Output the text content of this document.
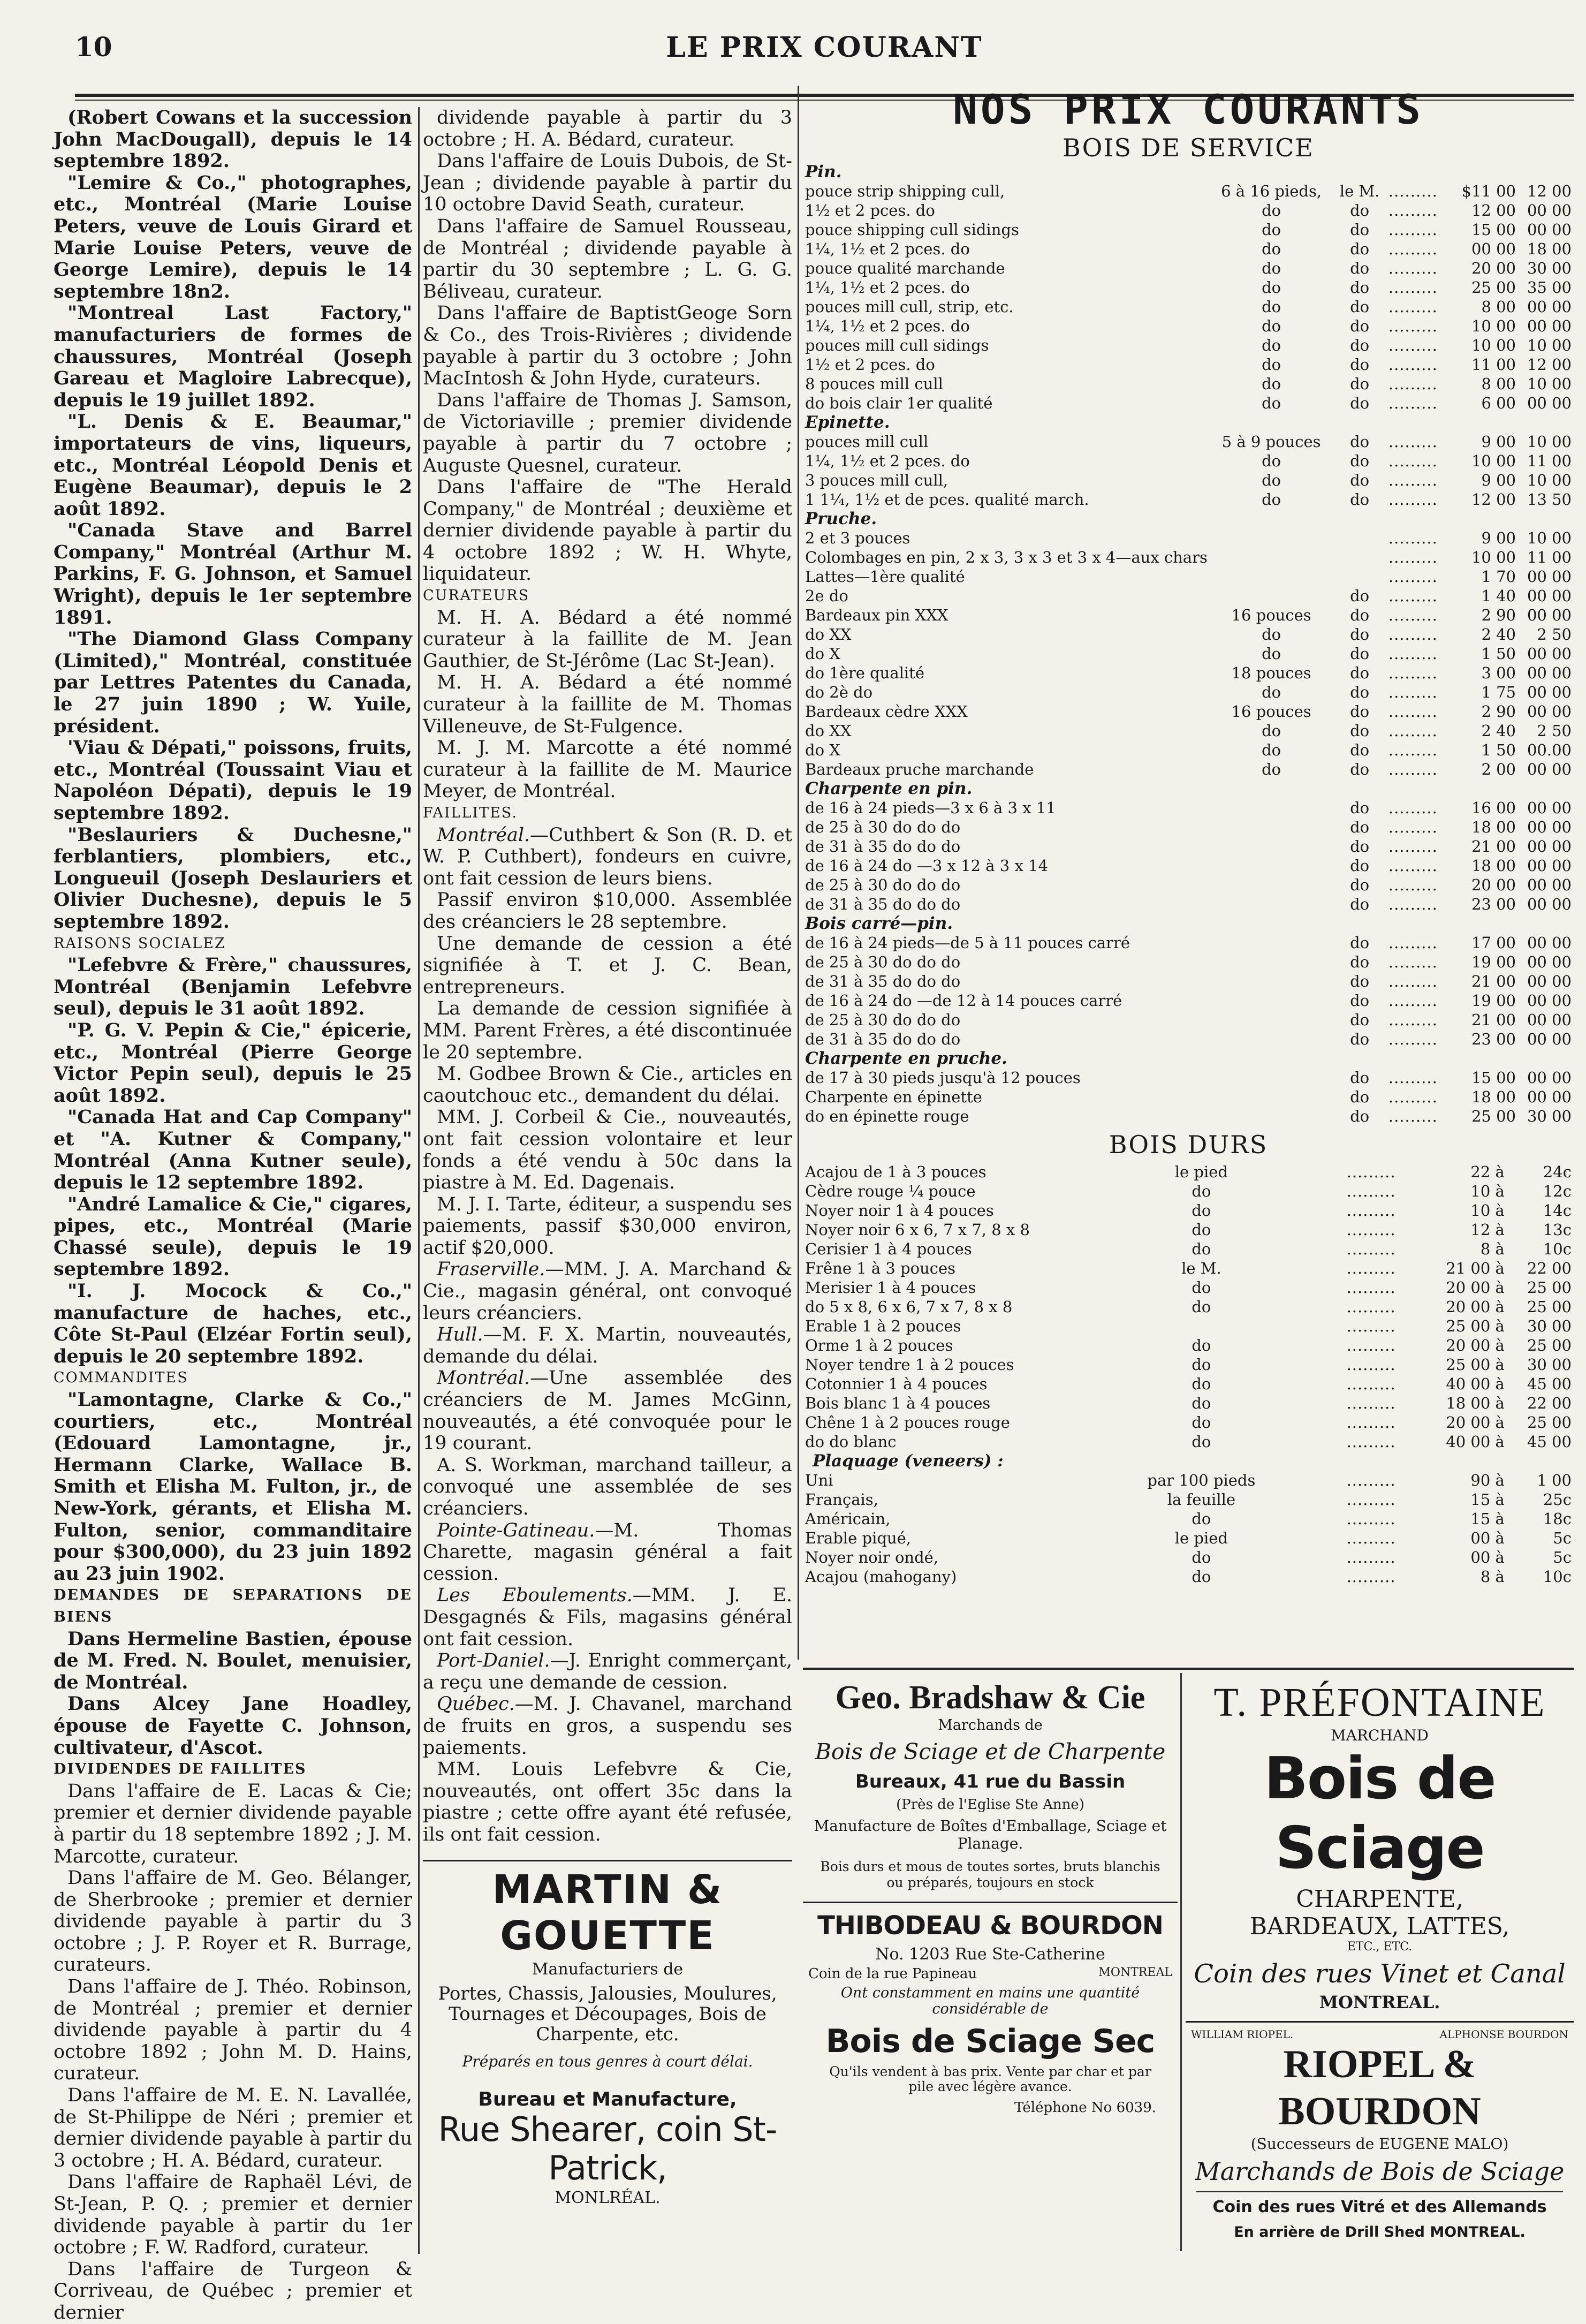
10	LE PRIX COURANT

(Robert Cowans et la succession John MacDougall), depuis le 14 septembre 1892.

"Lemire & Co.," photographes, etc., Montréal (Marie Louise Peters, veuve de Louis Girard et Marie Louise Peters, veuve de George Lemire), depuis le 14 septembre 18n2.

"Montreal Last Factory," manufacturiers de formes de chaussures, Montréal (Joseph Gareau et Magloire Labrecque), depuis le 19 juillet 1892.

"L. Denis & E. Beaumar," importateurs de vins, liqueurs, etc., Montréal Léopold Denis et Eugène Beaumar), depuis le 2 août 1892.

"Canada Stave and Barrel Company," Montréal (Arthur M. Parkins, F. G. Johnson, et Samuel Wright), depuis le 1er septembre 1891.

"The Diamond Glass Company (Limited)," Montréal, constituée par Lettres Patentes du Canada, le 27 juin 1890 ; W. Yuile, président.

'Viau & Dépati," poissons, fruits, etc., Montréal (Toussaint Viau et Napoléon Dépati), depuis le 19 septembre 1892.

"Beslauriers & Duchesne," ferblantiers, plombiers, etc., Longueuil (Joseph Deslauriers et Olivier Duchesne), depuis le 5 septembre 1892.

RAISONS SOCIALEZ

"Lefebvre & Frère," chaussures, Montréal (Benjamin Lefebvre seul), depuis le 31 août 1892.

"P. G. V. Pepin & Cie," épicerie, etc., Montréal (Pierre George Victor Pepin seul), depuis le 25 août 1892.

"Canada Hat and Cap Company" et "A. Kutner & Company," Montréal (Anna Kutner seule), depuis le 12 septembre 1892.

"André Lamalice & Cie," cigares, pipes, etc., Montréal (Marie Chassé seule), depuis le 19 septembre 1892.

"I. J. Mocock & Co.," manufacture de haches, etc., Côte St-Paul (Elzéar Fortin seul), depuis le 20 septembre 1892.

COMMANDITES

"Lamontagne, Clarke & Co.," courtiers, etc., Montréal (Edouard Lamontagne, jr., Hermann Clarke, Wallace B. Smith et Elisha M. Fulton, jr., de New-York, gérants, et Elisha M. Fulton, senior, commanditaire pour $300,000), du 23 juin 1892 au 23 juin 1902.

DEMANDES DE SEPARATIONS DE BIENS

Dans Hermeline Bastien, épouse de M. Fred. N. Boulet, menuisier, de Montréal.

Dans Alcey Jane Hoadley, épouse de Fayette C. Johnson, cultivateur, d'Ascot.

DIVIDENDES DE FAILLITES

Dans l'affaire de E. Lacas & Cie; premier et dernier dividende payable à partir du 18 septembre 1892 ; J. M. Marcotte, curateur.

Dans l'affaire de M. Geo. Bélanger, de Sherbrooke ; premier et dernier dividende payable à partir du 3 octobre ; J. P. Royer et R. Burrage, curateurs.

Dans l'affaire de J. Théo. Robinson, de Montréal ; premier et dernier dividende payable à partir du 4 octobre 1892 ; John M. D. Hains, curateur.

Dans l'affaire de M. E. N. Lavallée, de St-Philippe de Néri ; premier et dernier dividende payable à partir du 3 octobre ; H. A. Bédard, curateur.

Dans l'affaire de Raphaël Lévi, de St-Jean, P. Q. ; premier et dernier dividende payable à partir du 1er octobre ; F. W. Radford, curateur.

Dans l'affaire de Turgeon & Corriveau, de Québec ; premier et dernier

dividende payable à partir du 3 octobre ; H. A. Bédard, curateur.

Dans l'affaire de Louis Dubois, de St-Jean ; dividende payable à partir du 10 octobre David Seath, curateur.

Dans l'affaire de Samuel Rousseau, de Montréal ; dividende payable à partir du 30 septembre ; L. G. G. Béliveau, curateur.

Dans l'affaire de BaptistGeoge Sorn & Co., des Trois-Rivières ; dividende payable à partir du 3 octobre ; John MacIntosh & John Hyde, curateurs.

Dans l'affaire de Thomas J. Samson, de Victoriaville ; premier dividende payable à partir du 7 octobre ; Auguste Quesnel, curateur.

Dans l'affaire de "The Herald Company," de Montréal ; deuxième et dernier dividende payable à partir du 4 octobre 1892 ; W. H. Whyte, liquidateur.

CURATEURS

M. H. A. Bédard a été nommé curateur à la faillite de M. Jean Gauthier, de St-Jérôme (Lac St-Jean).

M. H. A. Bédard a été nommé curateur à la faillite de M. Thomas Villeneuve, de St-Fulgence.

M. J. M. Marcotte a été nommé curateur à la faillite de M. Maurice Meyer, de Montréal.

FAILLITES.

Montréal.—Cuthbert & Son (R. D. et W. P. Cuthbert), fondeurs en cuivre, ont fait cession de leurs biens.

Passif environ $10,000. Assemblée des créanciers le 28 septembre.

Une demande de cession a été signifiée à T. et J. C. Bean, entrepreneurs.

La demande de cession signifiée à MM. Parent Frères, a été discontinuée le 20 septembre.

M. Godbee Brown & Cie., articles en caoutchouc etc., demandent du délai.

MM. J. Corbeil & Cie., nouveautés, ont fait cession volontaire et leur fonds a été vendu à 50c dans la piastre à M. Ed. Dagenais.

M. J. I. Tarte, éditeur, a suspendu ses paiements, passif $30,000 environ, actif $20,000.

Fraserville.—MM. J. A. Marchand & Cie., magasin général, ont convoqué leurs créanciers.

Hull.—M. F. X. Martin, nouveautés, demande du délai.

Montréal.—Une assemblée des créanciers de M. James McGinn, nouveautés, a été convoquée pour le 19 courant.

A. S. Workman, marchand tailleur, a convoqué une assemblée de ses créanciers.

Pointe-Gatineau.—M. Thomas Charette, magasin général a fait cession.

Les Eboulements.—MM. J. E. Desgagnés & Fils, magasins général ont fait cession.

Port-Daniel.—J. Enright commerçant, a reçu une demande de cession.

Québec.—M. J. Chavanel, marchand de fruits en gros, a suspendu ses paiements.

MM. Louis Lefebvre & Cie, nouveautés, ont offert 35c dans la piastre ; cette offre ayant été refusée, ils ont fait cession.

MARTIN & GOUETTE
Manufacturiers de
Portes, Chassis, Jalousies, Moulures, Tournages et Découpages, Bois de Charpente, etc.
Préparés en tous genres à court délai.
Bureau et Manufacture,
Rue Shearer, coin St-Patrick,
MONLRÉAL.
NOS PRIX COURANTS
BOIS DE SERVICE
Pin.					
pouce strip shipping cull,	6 à 16 pieds,	le M.	.........	$11 00	12 00
1½ et 2 pces. do	do	do	.........	12 00	00 00
pouce shipping cull sidings	do	do	.........	15 00	00 00
1¼, 1½ et 2 pces. do	do	do	.........	00 00	18 00
pouce qualité marchande	do	do	.........	20 00	30 00
1¼, 1½ et 2 pces. do	do	do	.........	25 00	35 00
pouces mill cull, strip, etc.	do	do	.........	8 00	00 00
1¼, 1½ et 2 pces. do	do	do	.........	10 00	00 00
pouces mill cull sidings	do	do	.........	10 00	10 00
1½ et 2 pces. do	do	do	.........	11 00	12 00
8 pouces mill cull	do	do	.........	8 00	10 00
do bois clair 1er qualité	do	do	.........	6 00	00 00
Epinette.					
pouces mill cull	5 à 9 pouces	do	.........	9 00	10 00
1¼, 1½ et 2 pces. do	do	do	.........	10 00	11 00
3 pouces mill cull,	do	do	.........	9 00	10 00
1 1¼, 1½ et de pces. qualité march.	do	do	.........	12 00	13 50
Pruche.					
2 et 3 pouces			.........	9 00	10 00
Colombages en pin, 2 x 3, 3 x 3 et 3 x 4—aux chars			.........	10 00	11 00
Lattes—1ère qualité			.........	1 70	00 00
2e do		do	.........	1 40	00 00
Bardeaux pin XXX	16 pouces	do	.........	2 90	00 00
do XX	do	do	.........	2 40	2 50
do X	do	do	.........	1 50	00 00
do 1ère qualité	18 pouces	do	.........	3 00	00 00
do 2è do	do	do	.........	1 75	00 00
Bardeaux cèdre XXX	16 pouces	do	.........	2 90	00 00
do XX	do	do	.........	2 40	2 50
do X	do	do	.........	1 50	00.00
Bardeaux pruche marchande	do	do	.........	2 00	00 00
Charpente en pin.					
de 16 à 24 pieds—3 x 6 à 3 x 11		do	.........	16 00	00 00
de 25 à 30 do do do		do	.........	18 00	00 00
de 31 à 35 do do do		do	.........	21 00	00 00
de 16 à 24 do —3 x 12 à 3 x 14		do	.........	18 00	00 00
de 25 à 30 do do do		do	.........	20 00	00 00
de 31 à 35 do do do		do	.........	23 00	00 00
Bois carré—pin.					
de 16 à 24 pieds—de 5 à 11 pouces carré		do	.........	17 00	00 00
de 25 à 30 do do do		do	.........	19 00	00 00
de 31 à 35 do do do		do	.........	21 00	00 00
de 16 à 24 do —de 12 à 14 pouces carré		do	.........	19 00	00 00
de 25 à 30 do do do		do	.........	21 00	00 00
de 31 à 35 do do do		do	.........	23 00	00 00
Charpente en pruche.					
de 17 à 30 pieds jusqu'à 12 pouces		do	.........	15 00	00 00
Charpente en épinette		do	.........	18 00	00 00
do en épinette rouge		do	.........	25 00	30 00
BOIS DURS
Acajou de 1 à 3 pouces	le pied		.........	22 à	24c
Cèdre rouge ¼ pouce	do		.........	10 à	12c
Noyer noir 1 à 4 pouces	do		.........	10 à	14c
Noyer noir 6 x 6, 7 x 7, 8 x 8	do		.........	12 à	13c
Cerisier 1 à 4 pouces	do		.........	8 à	10c
Frêne 1 à 3 pouces	le M.		.........	21 00 à	22 00
Merisier 1 à 4 pouces	do		.........	20 00 à	25 00
do 5 x 8, 6 x 6, 7 x 7, 8 x 8	do		.........	20 00 à	25 00
Erable 1 à 2 pouces			.........	25 00 à	30 00
Orme 1 à 2 pouces	do		.........	20 00 à	25 00
Noyer tendre 1 à 2 pouces	do		.........	25 00 à	30 00
Cotonnier 1 à 4 pouces	do		.........	40 00 à	45 00
Bois blanc 1 à 4 pouces	do		.........	18 00 à	22 00
Chêne 1 à 2 pouces rouge	do		.........	20 00 à	25 00
do do blanc	do		.........	40 00 à	45 00
Plaquage (veneers) :
Uni	par 100 pieds		.........	90 à	1 00
Français,	la feuille		.........	15 à	25c
Américain,	do		.........	15 à	18c
Erable piqué,	le pied		.........	00 à	5c
Noyer noir ondé,	do		.........	00 à	5c
Acajou (mahogany)	do		.........	8 à	10c
Geo. Bradshaw & Cie
Marchands de
Bois de Sciage et de Charpente
Bureaux, 41 rue du Bassin
(Près de l'Eglise Ste Anne)
Manufacture de Boîtes d'Emballage, Sciage et Planage.
Bois durs et mous de toutes sortes, bruts blanchis ou préparés, toujours en stock
THIBODEAU & BOURDON
No. 1203 Rue Ste-Catherine
Coin de la rue Papineau	MONTREAL
Ont constamment en mains une quantité considérable de
Bois de Sciage Sec
Qu'ils vendent à bas prix. Vente par char et par pile avec légère avance.
Téléphone No 6039.
T. PRÉFONTAINE
MARCHAND
Bois de Sciage
CHARPENTE,
BARDEAUX, LATTES,
ETC., ETC.
Coin des rues Vinet et Canal
MONTREAL.
WILLIAM RIOPEL.	ALPHONSE BOURDON
RIOPEL & BOURDON
(Successeurs de EUGENE MALO)
Marchands de Bois de Sciage
Coin des rues Vitré et des Allemands
En arrière de Drill Shed MONTREAL.
